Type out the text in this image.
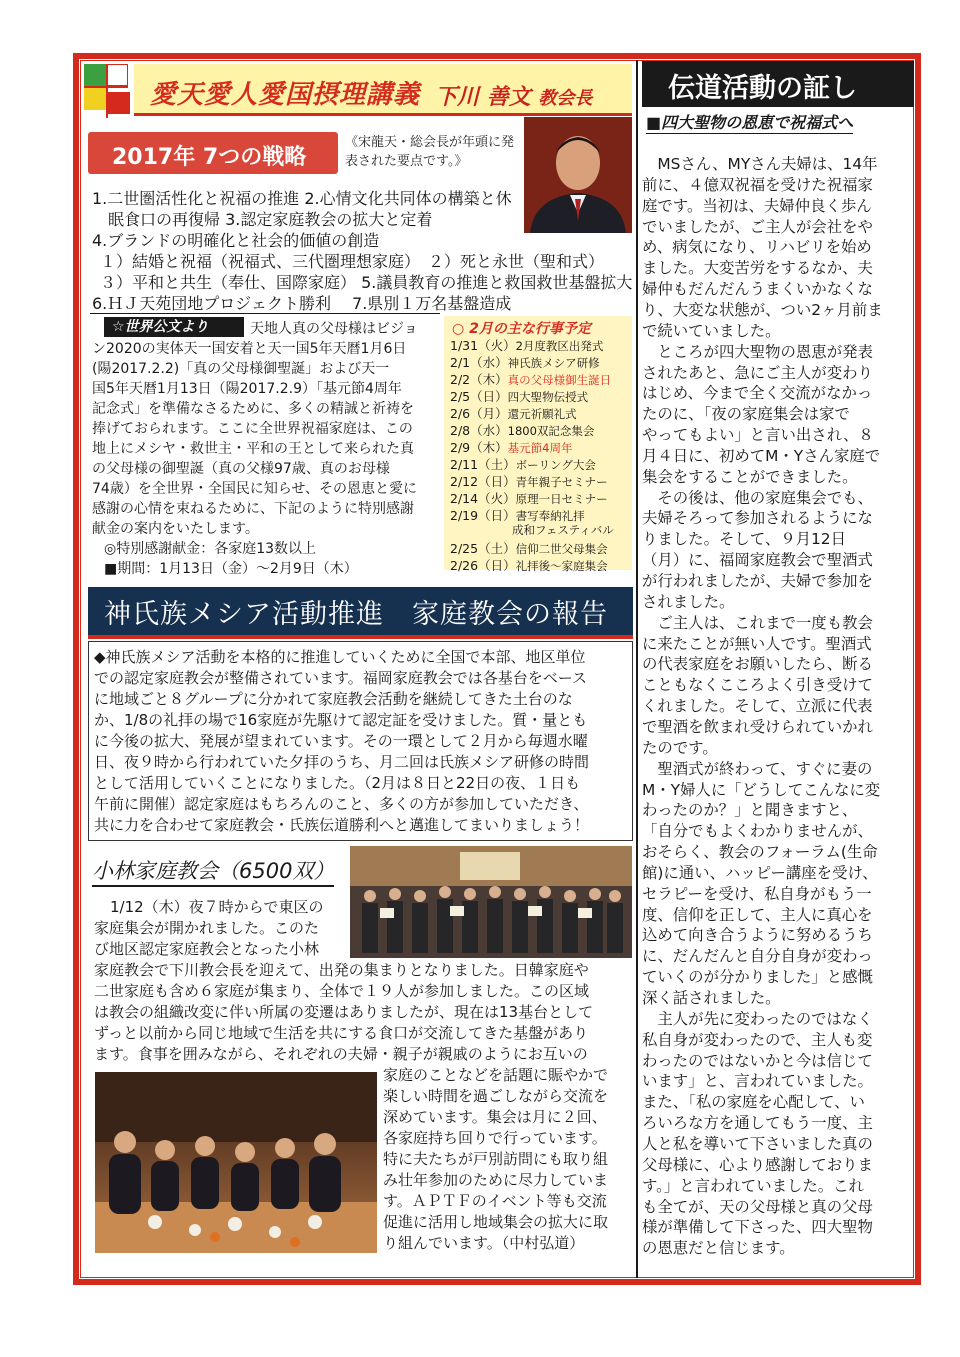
愛天愛人愛国摂理講義 下川 善文 教会長
2017年 7つの戦略
《宋龍天・総会長が年頭に発表された要点です。》
1.二世圏活性化と祝福の推進 2.心情文化共同体の構築と休
眠食口の再復帰 3.認定家庭教会の拡大と定着
4.ブランドの明確化と社会的価値の創造
１）結婚と祝福（祝福式、三代圏理想家庭）　２）死と永世（聖和式）
３）平和と共生（奉仕、国際家庭） 5.議員教育の推進と救国救世基盤拡大
6.ＨＪ天苑団地プロジェクト勝利　 7.県別１万名基盤造成
☆世界公文より	天地人真の父母様はビジョ
ン2020の実体天一国安着と天一国5年天暦1月6日
(陽2017.2.2)「真の父母様御聖誕」および天一
国5年天暦1月13日（陽2017.2.9）「基元節4周年
記念式」を準備なさるために、多くの精誠と祈祷を
捧げておられます。ここに全世界祝福家庭は、この
地上にメシヤ・救世主・平和の王として来られた真
の父母様の御聖誕（真の父様97歳、真のお母様
74歳）を全世界・全国民に知らせ、その恩恵と愛に
感謝の心情を束ねるために、下記のように特別感謝
献金の案内をいたします。
◎特別感謝献金：各家庭13数以上
■期間：1月13日（金）～2月9日（木）
○ 2月の主な行事予定
1/31（火）2月度教区出発式
2/1（水）神氏族メシア研修
2/2（木）真の父母様御生誕日
2/5（日）四大聖物伝授式
2/6（月）還元祈願礼式
2/8（水）1800双記念集会
2/9（木）基元節4周年
2/11（土）ボーリング大会
2/12（日）青年親子セミナー
2/14（火）原理一日セミナー
2/19（日）書写奉納礼拝
成和フェスティバル
2/25（土）信仰二世父母集会
2/26（日）礼拝後～家庭集会
神氏族メシア活動推進　家庭教会の報告
◆神氏族メシア活動を本格的に推進していくために全国で本部、地区単位
での認定家庭教会が整備されています。福岡家庭教会では各基台をベース
に地域ごと８グループに分かれて家庭教会活動を継続してきた土台のな
か、1/8の礼拝の場で16家庭が先駆けて認定証を受けました。質・量とも
に今後の拡大、発展が望まれています。その一環として２月から毎週水曜
日、夜９時から行われていた夕拝のうち、月二回は氏族メシア研修の時間
として活用していくことになりました。（2月は８日と22日の夜、１日も
午前に開催）認定家庭はもちろんのこと、多くの方が参加していただき、
共に力を合わせて家庭教会・氏族伝道勝利へと邁進してまいりましょう！
小林家庭教会（6500双）
1/12（木）夜７時からで東区の
家庭集会が開かれました。このた
び地区認定家庭教会となった小林
家庭教会で下川教会長を迎えて、出発の集まりとなりました。日韓家庭や
二世家庭も含め６家庭が集まり、全体で１９人が参加しました。この区域
は教会の組織改変に伴い所属の変遷はありましたが、現在は13基台として
ずっと以前から同じ地域で生活を共にする食口が交流してきた基盤があり
ます。食事を囲みながら、それぞれの夫婦・親子が親戚のようにお互いの
家庭のことなどを話題に賑やかで
楽しい時間を過ごしながら交流を
深めています。集会は月に２回、
各家庭持ち回りで行っています。
特に夫たちが戸別訪問にも取り組
み壮年参加のために尽力していま
す。ＡＰＴＦのイベント等も交流
促進に活用し地域集会の拡大に取
り組んでいます。（中村弘道）
伝道活動の証し
■四大聖物の恩恵で祝福式へ
　MSさん、MYさん夫婦は、14年
前に、４億双祝福を受けた祝福家
庭です。当初は、夫婦仲良く歩ん
でいましたが、ご主人が会社をや
め、病気になり、リハビリを始め
ました。大変苦労をするなか、夫
婦仲もだんだんうまくいかなくな
り、大変な状態が、つい2ヶ月前ま
で続いていました。
　ところが四大聖物の恩恵が発表
されたあと、急にご主人が変わり
はじめ、今まで全く交流がなかっ
たのに、「夜の家庭集会は家で
やってもよい」と言い出され、８
月４日に、初めてM・Yさん家庭で
集会をすることができました。
　その後は、他の家庭集会でも、
夫婦そろって参加されるようにな
りました。そして、９月12日
（月）に、福岡家庭教会で聖酒式
が行われましたが、夫婦で参加を
されました。
　ご主人は、これまで一度も教会
に来たことが無い人です。聖酒式
の代表家庭をお願いしたら、断る
こともなくこころよく引き受けて
くれました。そして、立派に代表
で聖酒を飲まれ受けられていかれ
たのです。
　聖酒式が終わって、すぐに妻の
M・Y婦人に「どうしてこんなに変
わったのか？」と聞きますと、
「自分でもよくわかりませんが、
おそらく、教会のフォーラム(生命
館)に通い、ハッピー講座を受け、
セラピーを受け、私自身がもう一
度、信仰を正して、主人に真心を
込めて向き合うように努めるうち
に、だんだんと自分自身が変わっ
ていくのが分かりました」と感慨
深く話されました。
　主人が先に変わったのではなく
私自身が変わったので、主人も変
わったのではないかと今は信じて
います」と、言われていました。
また、「私の家庭を心配して、い
ろいろな方を通してもう一度、主
人と私を導いて下さいました真の
父母様に、心より感謝しておりま
す。」と言われていました。これ
も全てが、天の父母様と真の父母
様が準備して下さった、四大聖物
の恩恵だと信じます。
